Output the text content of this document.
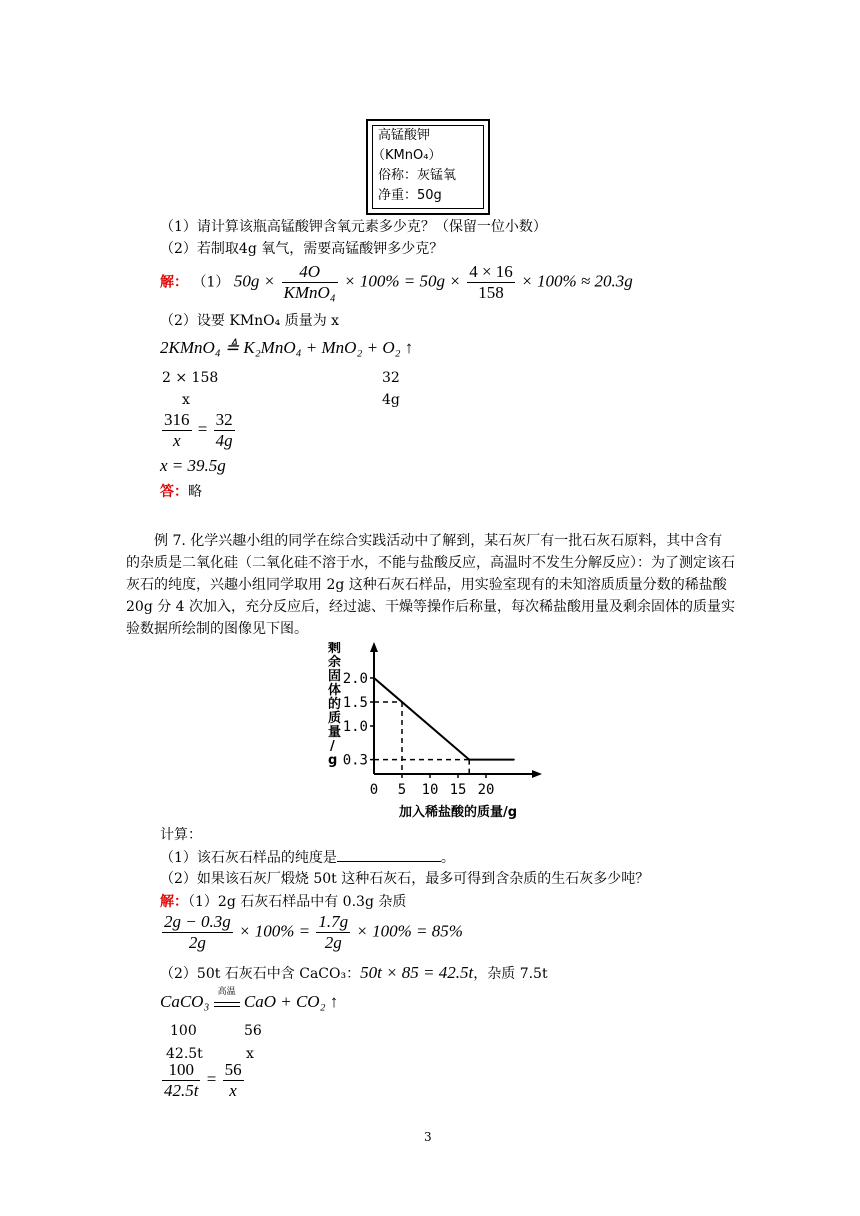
高锰酸钾
（KMnO₄）
俗称：灰锰氧
净重：50g
（1）请计算该瓶高锰酸钾含氧元素多少克？（保留一位小数）
（2）若制取4g 氧气，需要高锰酸钾多少克？
解： （1） $50g \times \frac{4O}{\text{KMnO₄}} \times 100\% = 50g \times \frac{4 \times 16}{158} \times 100\% \approx 20.3g$
（2）设要 KMnO₄ 质量为 x
2KMnO₄ ≜ K₂MnO₄ + MnO₂ + O₂ ↑
2 × 158	32
x	4g
$\frac{316}{x} = \frac{32}{4g}$
x = 39.5g
答：略
例 7. 化学兴趣小组的同学在综合实践活动中了解到，某石灰厂有一批石灰石原料，其中含有的杂质是二氧化硅（二氧化硅不溶于水，不能与盐酸反应，高温时不发生分解反应）：为了测定该石灰石的纯度，兴趣小组同学取用 2g 这种石灰石样品，用实验室现有的未知溶质质量分数的稀盐酸 20g 分 4 次加入，充分反应后，经过滤、干燥等操作后称量，每次稀盐酸用量及剩余固体的质量实验数据所绘制的图像见下图。
剩余固体的质量/ g
2.0
1.5
1.0
0.3
0 5 10 15 20
加入稀盐酸的质量/g
计算：
（1）该石灰石样品的纯度是	。
（2）如果该石灰厂煅烧 50t 这种石灰石，最多可得到含杂质的生石灰多少吨？
解：（1）2g 石灰石样品中有 0.3g 杂质
$\frac{2g - 0.3g}{2g} \times 100\% = \frac{1.7g}{2g} \times 100\% = 85\%$
（2）50t 石灰石中含 CaCO₃：50t × 85 = 42.5t，杂质 7.5t
CaCO₃ 高温 CaO + CO₂ ↑
100	56
42.5t	x
$\frac{100}{42.5t} = \frac{56}{x}$
3
